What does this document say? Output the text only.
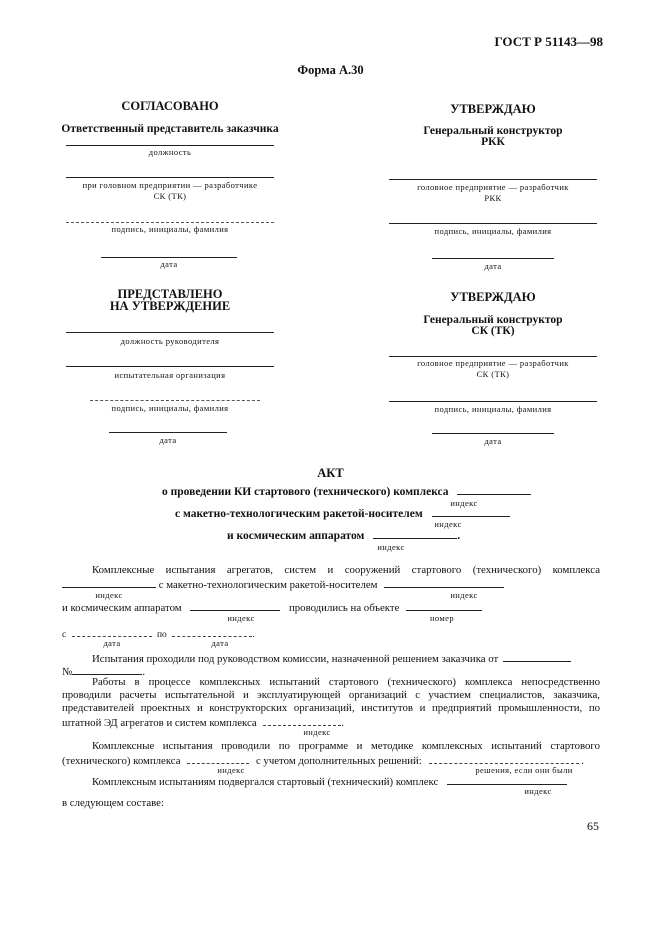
ГОСТ Р 51143—98
Форма А.30
СОГЛАСОВАНО
Ответственный представитель заказчика
должность
при головном предприятии — разработчике
СК (ТК)
подпись, инициалы, фамилия
дата
УТВЕРЖДАЮ
Генеральный конструктор
РКК
головное предприятие — разработчик
РКК
подпись, инициалы, фамилия
дата
ПРЕДСТАВЛЕНО
НА УТВЕРЖДЕНИЕ
должность руководителя
испытательная организация
подпись, инициалы, фамилия
дата
УТВЕРЖДАЮ
Генеральный конструктор
СК (ТК)
головное предприятие — разработчик
СК (ТК)
подпись, инициалы, фамилия
дата
АКТ
о проведении КИ стартового (технического) комплекса
индекс
с макетно-технологическим ракетой-носителем
индекс
и космическим аппаратом	.
индекс
Комплексные испытания агрегатов, систем и сооружений стартового (технического) комплекса
с макетно-технологическим ракетой-носителем
индекс	индекс
и космическим аппаратом	проводились на объекте
индекс	номер
с	по	.
дата	дата
Испытания проходили под руководством комиссии, назначенной решением заказчика от
№	.
Работы в процессе комплексных испытаний стартового (технического) комплекса непосредственно
проводили расчеты испытательной и эксплуатирующей организаций с участием специалистов, заказчика,
представителей проектных и конструкторских организаций, институтов и предприятий промышленности, по
штатной ЭД агрегатов и систем комплекса	.
индекс
Комплексные испытания проводили по программе и методике комплексных испытаний стартового
(технического) комплекса	с учетом дополнительных решений:	.
индекс	решения, если они были
Комплексным испытаниям подвергался стартовый (технический) комплекс
индекс
в следующем составе:
65
